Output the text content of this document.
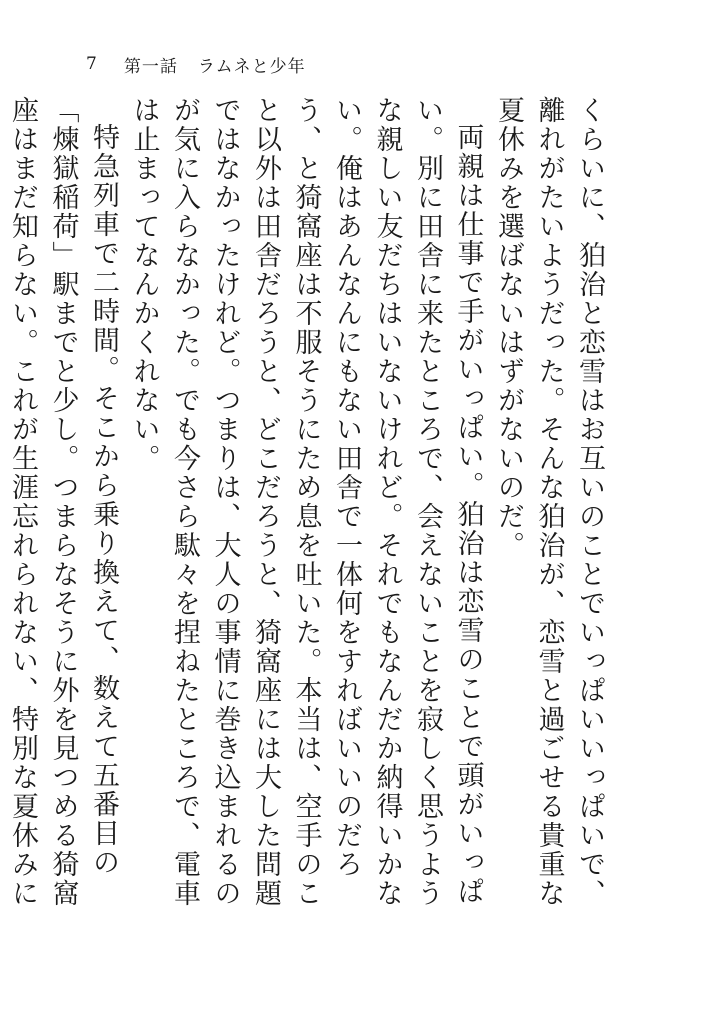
7 第一話 ラムネと少年

くらいに、狛治と恋雪はお互いのことでいっぱいいっぱいで、離れがたいようだった。そんな狛治が、恋雪と過ごせる貴重な夏休みを選ばないはずがないのだ。

両親は仕事で手がいっぱい。狛治は恋雪のことで頭がいっぱい。別に田舎に来たところで、会えないことを寂しく思うような親しい友だちはいないけれど。それでもなんだか納得いかない。俺はあんなんにもない田舎で一体何をすればいいのだろう、と猗窩座は不服そうにため息を吐いた。本当は、空手のこと以外は田舎だろうと、どこだろうと、猗窩座には大した問題ではなかったけれど。つまりは、大人の事情に巻き込まれるのが気に入らなかった。でも今さら駄々を捏ねたところで、電車は止まってなんかくれない。

特急列車で二時間。そこから乗り換えて、数えて五番目の「煉獄稲荷」駅までと少し。つまらなそうに外を見つめる猗窩座はまだ知らない。これが生涯忘れられない、特別な夏休みに
